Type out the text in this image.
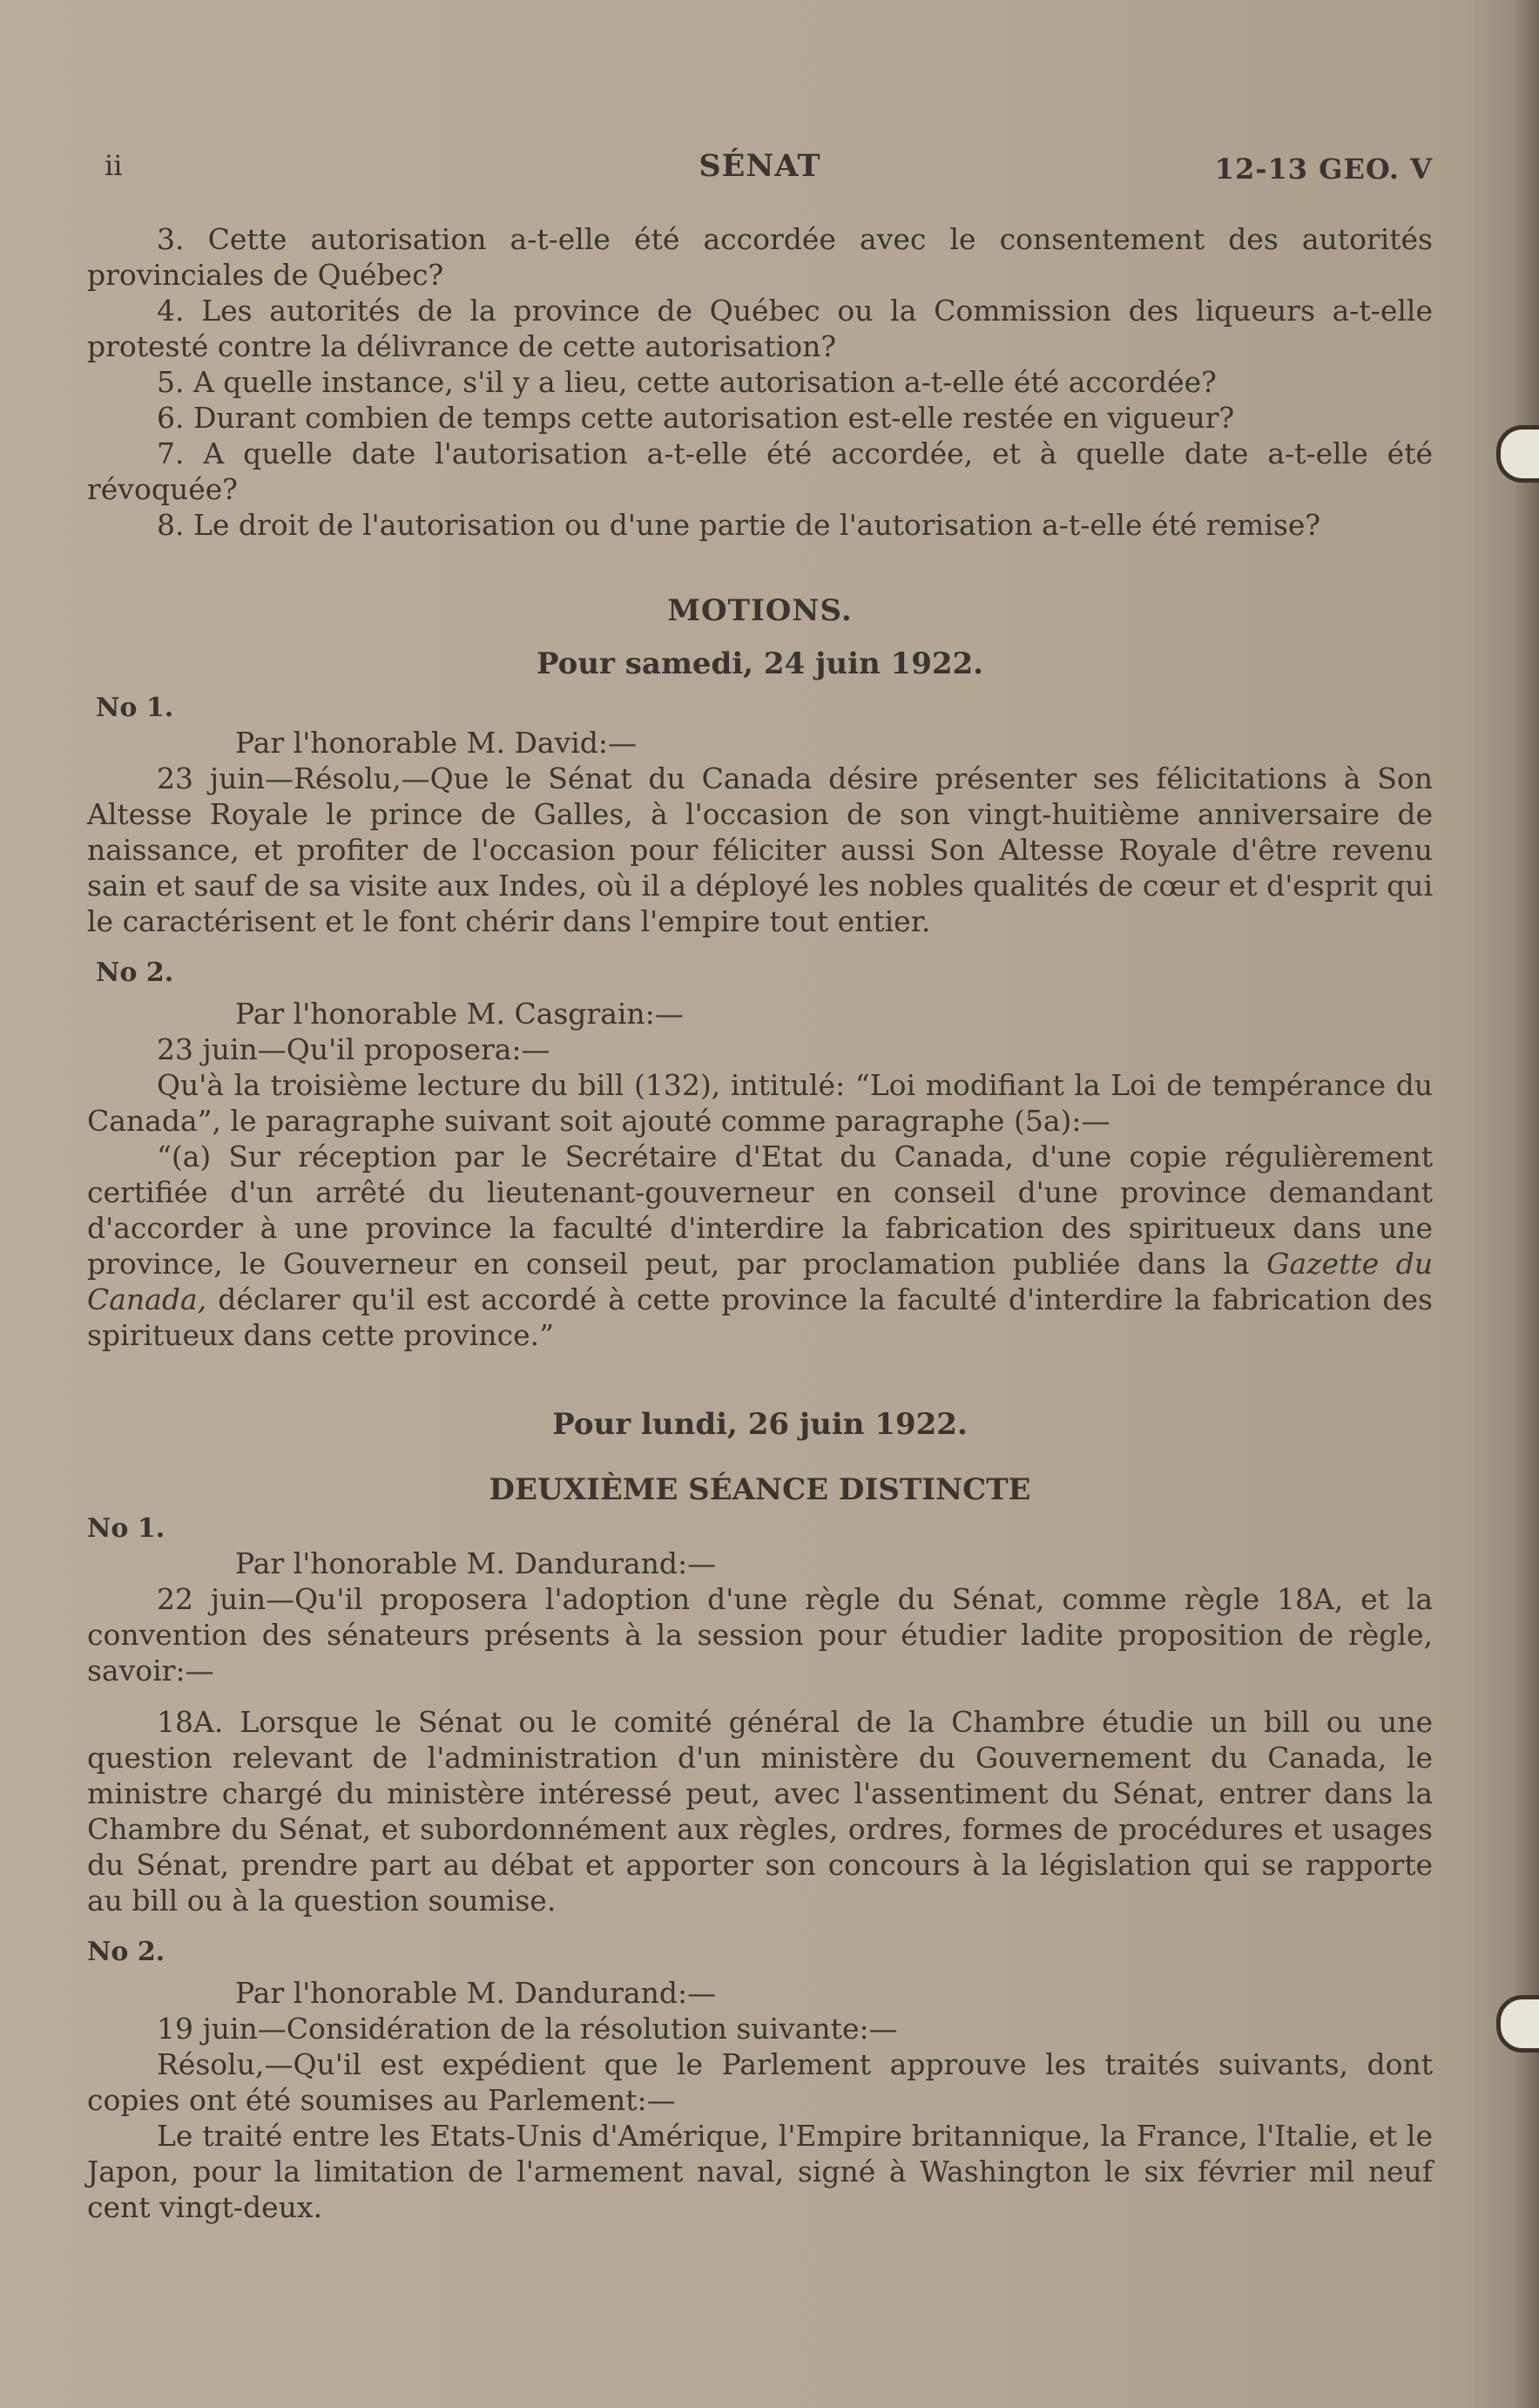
ii	SÉNAT	12-13 GEO. V

3. Cette autorisation a-t-elle été accordée avec le consentement des autorités provinciales de Québec?

4. Les autorités de la province de Québec ou la Commission des liqueurs a-t-elle protesté contre la délivrance de cette autorisation?

5. A quelle instance, s'il y a lieu, cette autorisation a-t-elle été accordée?

6. Durant combien de temps cette autorisation est-elle restée en vigueur?

7. A quelle date l'autorisation a-t-elle été accordée, et à quelle date a-t-elle été révoquée?

8. Le droit de l'autorisation ou d'une partie de l'autorisation a-t-elle été remise?

MOTIONS.
Pour samedi, 24 juin 1922.
No 1.

Par l'honorable M. David:—

23 juin—Résolu,—Que le Sénat du Canada désire présenter ses félicitations à Son Altesse Royale le prince de Galles, à l'occasion de son vingt-huitième anniversaire de naissance, et profiter de l'occasion pour féliciter aussi Son Altesse Royale d'être revenu sain et sauf de sa visite aux Indes, où il a déployé les nobles qualités de cœur et d'esprit qui le caractérisent et le font chérir dans l'empire tout entier.

No 2.

Par l'honorable M. Casgrain:—

23 juin—Qu'il proposera:—

Qu'à la troisième lecture du bill (132), intitulé: “Loi modifiant la Loi de tempérance du Canada”, le paragraphe suivant soit ajouté comme paragraphe (5a):—

“(a) Sur réception par le Secrétaire d'Etat du Canada, d'une copie régulièrement certifiée d'un arrêté du lieutenant-gouverneur en conseil d'une province demandant d'accorder à une province la faculté d'interdire la fabrication des spiritueux dans une province, le Gouverneur en conseil peut, par proclamation publiée dans la Gazette du Canada, déclarer qu'il est accordé à cette province la faculté d'interdire la fabrication des spiritueux dans cette province.”

Pour lundi, 26 juin 1922.
DEUXIÈME SÉANCE DISTINCTE
No 1.

Par l'honorable M. Dandurand:—

22 juin—Qu'il proposera l'adoption d'une règle du Sénat, comme règle 18A, et la convention des sénateurs présents à la session pour étudier ladite proposition de règle, savoir:—

18A. Lorsque le Sénat ou le comité général de la Chambre étudie un bill ou une question relevant de l'administration d'un ministère du Gouvernement du Canada, le ministre chargé du ministère intéressé peut, avec l'assentiment du Sénat, entrer dans la Chambre du Sénat, et subordonnément aux règles, ordres, formes de procédures et usages du Sénat, prendre part au débat et apporter son concours à la législation qui se rapporte au bill ou à la question soumise.

No 2.

Par l'honorable M. Dandurand:—

19 juin—Considération de la résolution suivante:—

Résolu,—Qu'il est expédient que le Parlement approuve les traités suivants, dont copies ont été soumises au Parlement:—

Le traité entre les Etats-Unis d'Amérique, l'Empire britannique, la France, l'Italie, et le Japon, pour la limitation de l'armement naval, signé à Washington le six février mil neuf cent vingt-deux.
